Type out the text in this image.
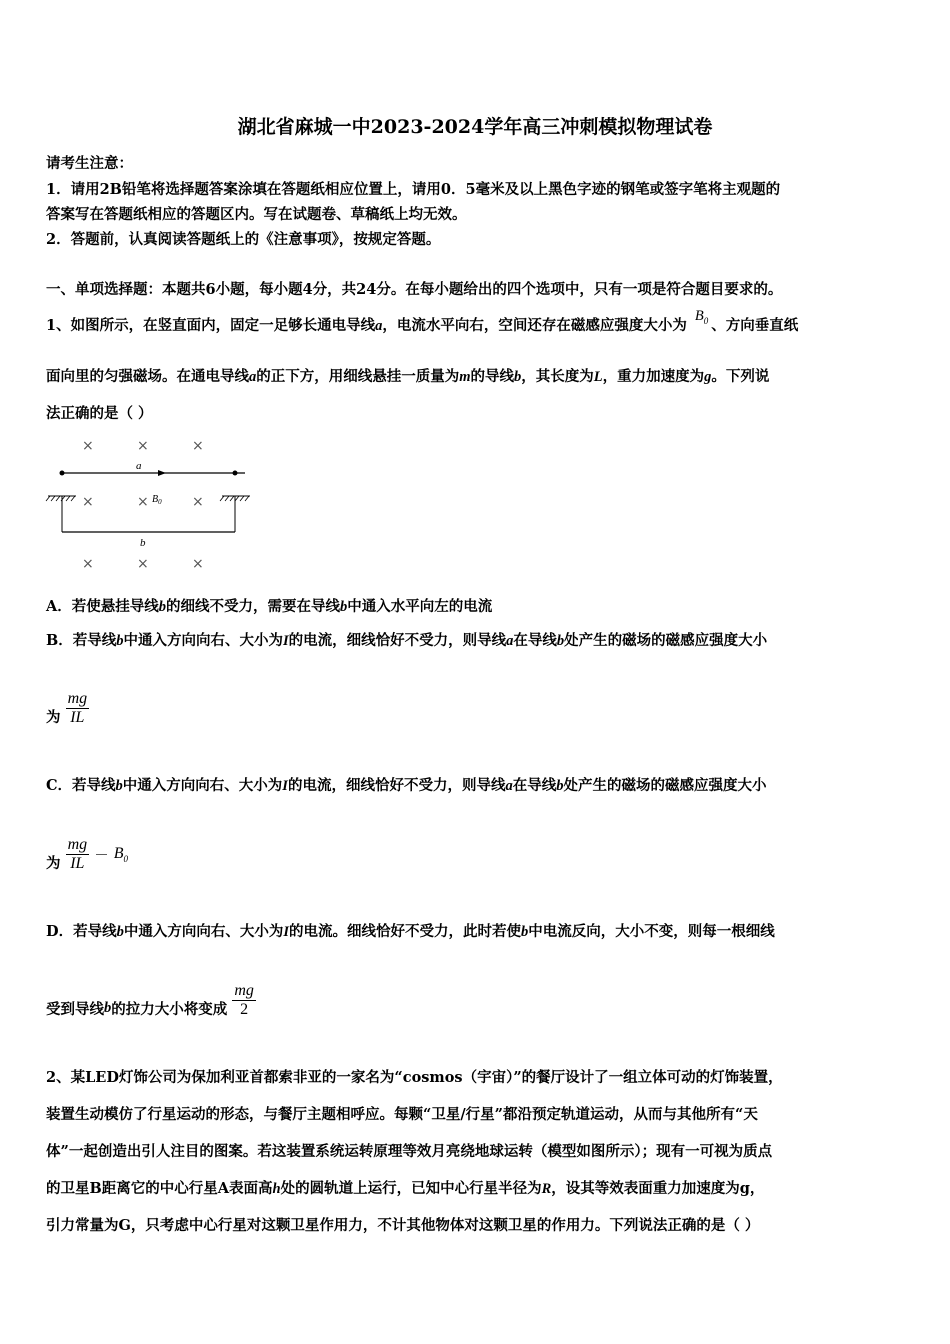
湖北省麻城一中2023-2024学年高三冲刺模拟物理试卷
请考生注意：
1．请用2B铅笔将选择题答案涂填在答题纸相应位置上，请用0．5毫米及以上黑色字迹的钢笔或签字笔将主观题的
答案写在答题纸相应的答题区内。写在试题卷、草稿纸上均无效。
2．答题前，认真阅读答题纸上的《注意事项》，按规定答题。
一、单项选择题：本题共6小题，每小题4分，共24分。在每小题给出的四个选项中，只有一项是符合题目要求的。
1、如图所示，在竖直面内，固定一足够长通电导线a，电流水平向右，空间还存在磁感应强度大小为 $B_0$ 、方向垂直纸
面向里的匀强磁场。在通电导线a的正下方，用细线悬挂一质量为m的导线b，其长度为L，重力加速度为g。下列说
法正确的是（ ）
×	×	×
×	×	×
×	×	×
a
$B_0$
b
A．若使悬挂导线b的细线不受力，需要在导线b中通入水平向左的电流
B．若导线b中通入方向向右、大小为I的电流，细线恰好不受力，则导线a在导线b处产生的磁场的磁感应强度大小
为 $\frac{mg}{IL}$
C．若导线b中通入方向向右、大小为I的电流，细线恰好不受力，则导线a在导线b处产生的磁场的磁感应强度大小
为 $\frac{mg}{IL} - B_0$
D．若导线b中通入方向向右、大小为I的电流。细线恰好不受力，此时若使b中电流反向，大小不变，则每一根细线
受到导线b的拉力大小将变成 $\frac{mg}{2}$
2、某LED灯饰公司为保加利亚首都索非亚的一家名为“cosmos（宇宙）”的餐厅设计了一组立体可动的灯饰装置，
装置生动模仿了行星运动的形态，与餐厅主题相呼应。每颗“卫星/行星”都沿预定轨道运动，从而与其他所有“天
体”一起创造出引人注目的图案。若这装置系统运转原理等效月亮绕地球运转（模型如图所示）；现有一可视为质点
的卫星B距离它的中心行星A表面高h处的圆轨道上运行，已知中心行星半径为R，设其等效表面重力加速度为g，
引力常量为G，只考虑中心行星对这颗卫星作用力，不计其他物体对这颗卫星的作用力。下列说法正确的是（ ）
